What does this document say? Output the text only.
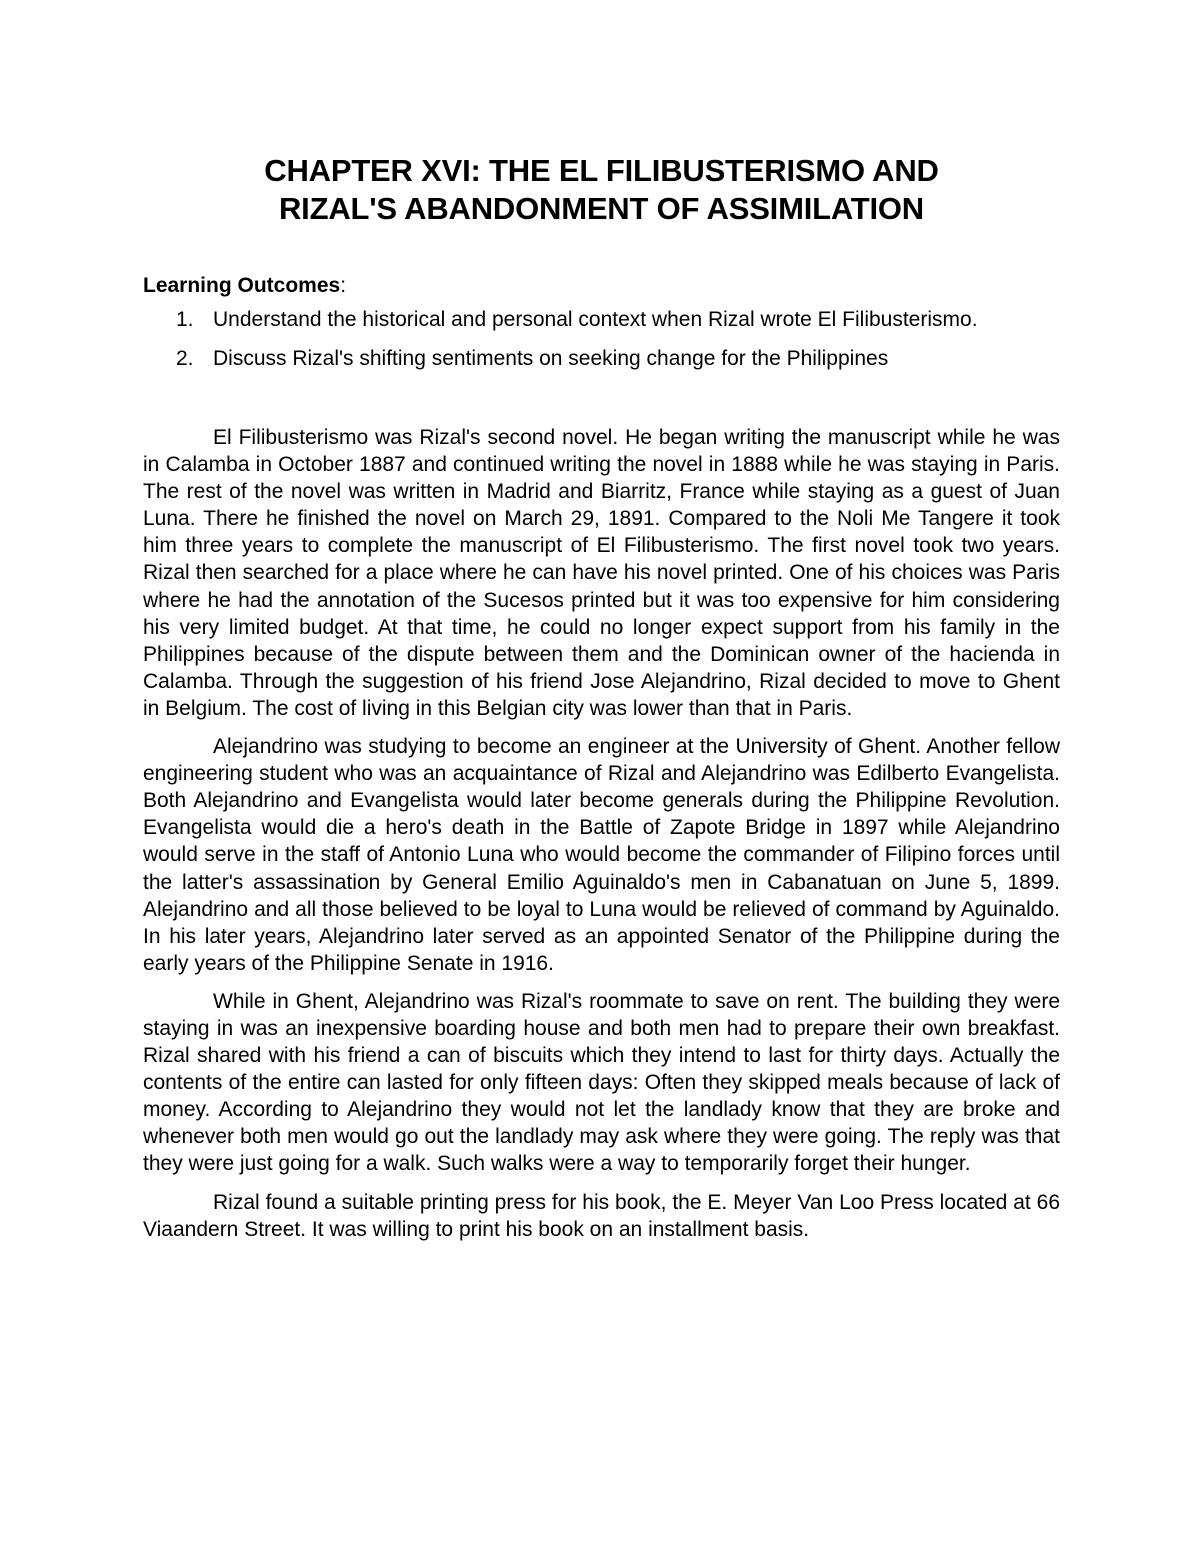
CHAPTER XVI: THE EL FILIBUSTERISMO AND
RIZAL'S ABANDONMENT OF ASSIMILATION

Learning Outcomes:

1. Understand the historical and personal context when Rizal wrote El Filibusterismo.
2. Discuss Rizal's shifting sentiments on seeking change for the Philippines

El Filibusterismo was Rizal's second novel. He began writing the manuscript while he was in Calamba in October 1887 and continued writing the novel in 1888 while he was staying in Paris. The rest of the novel was written in Madrid and Biarritz, France while staying as a guest of Juan Luna. There he finished the novel on March 29, 1891. Compared to the Noli Me Tangere it took him three years to complete the manuscript of El Filibusterismo. The first novel took two years. Rizal then searched for a place where he can have his novel printed. One of his choices was Paris where he had the annotation of the Sucesos printed but it was too expensive for him considering his very limited budget. At that time, he could no longer expect support from his family in the Philippines because of the dispute between them and the Dominican owner of the hacienda in Calamba. Through the suggestion of his friend Jose Alejandrino, Rizal decided to move to Ghent in Belgium. The cost of living in this Belgian city was lower than that in Paris.

Alejandrino was studying to become an engineer at the University of Ghent. Another fellow engineering student who was an acquaintance of Rizal and Alejandrino was Edilberto Evangelista. Both Alejandrino and Evangelista would later become generals during the Philippine Revolution. Evangelista would die a hero's death in the Battle of Zapote Bridge in 1897 while Alejandrino would serve in the staff of Antonio Luna who would become the commander of Filipino forces until the latter's assassination by General Emilio Aguinaldo's men in Cabanatuan on June 5, 1899. Alejandrino and all those believed to be loyal to Luna would be relieved of command by Aguinaldo. In his later years, Alejandrino later served as an appointed Senator of the Philippine during the early years of the Philippine Senate in 1916.

While in Ghent, Alejandrino was Rizal's roommate to save on rent. The building they were staying in was an inexpensive boarding house and both men had to prepare their own breakfast. Rizal shared with his friend a can of biscuits which they intend to last for thirty days. Actually the contents of the entire can lasted for only fifteen days: Often they skipped meals because of lack of money. According to Alejandrino they would not let the landlady know that they are broke and whenever both men would go out the landlady may ask where they were going. The reply was that they were just going for a walk. Such walks were a way to temporarily forget their hunger.

Rizal found a suitable printing press for his book, the E. Meyer Van Loo Press located at 66 Viaandern Street. It was willing to print his book on an installment basis.
